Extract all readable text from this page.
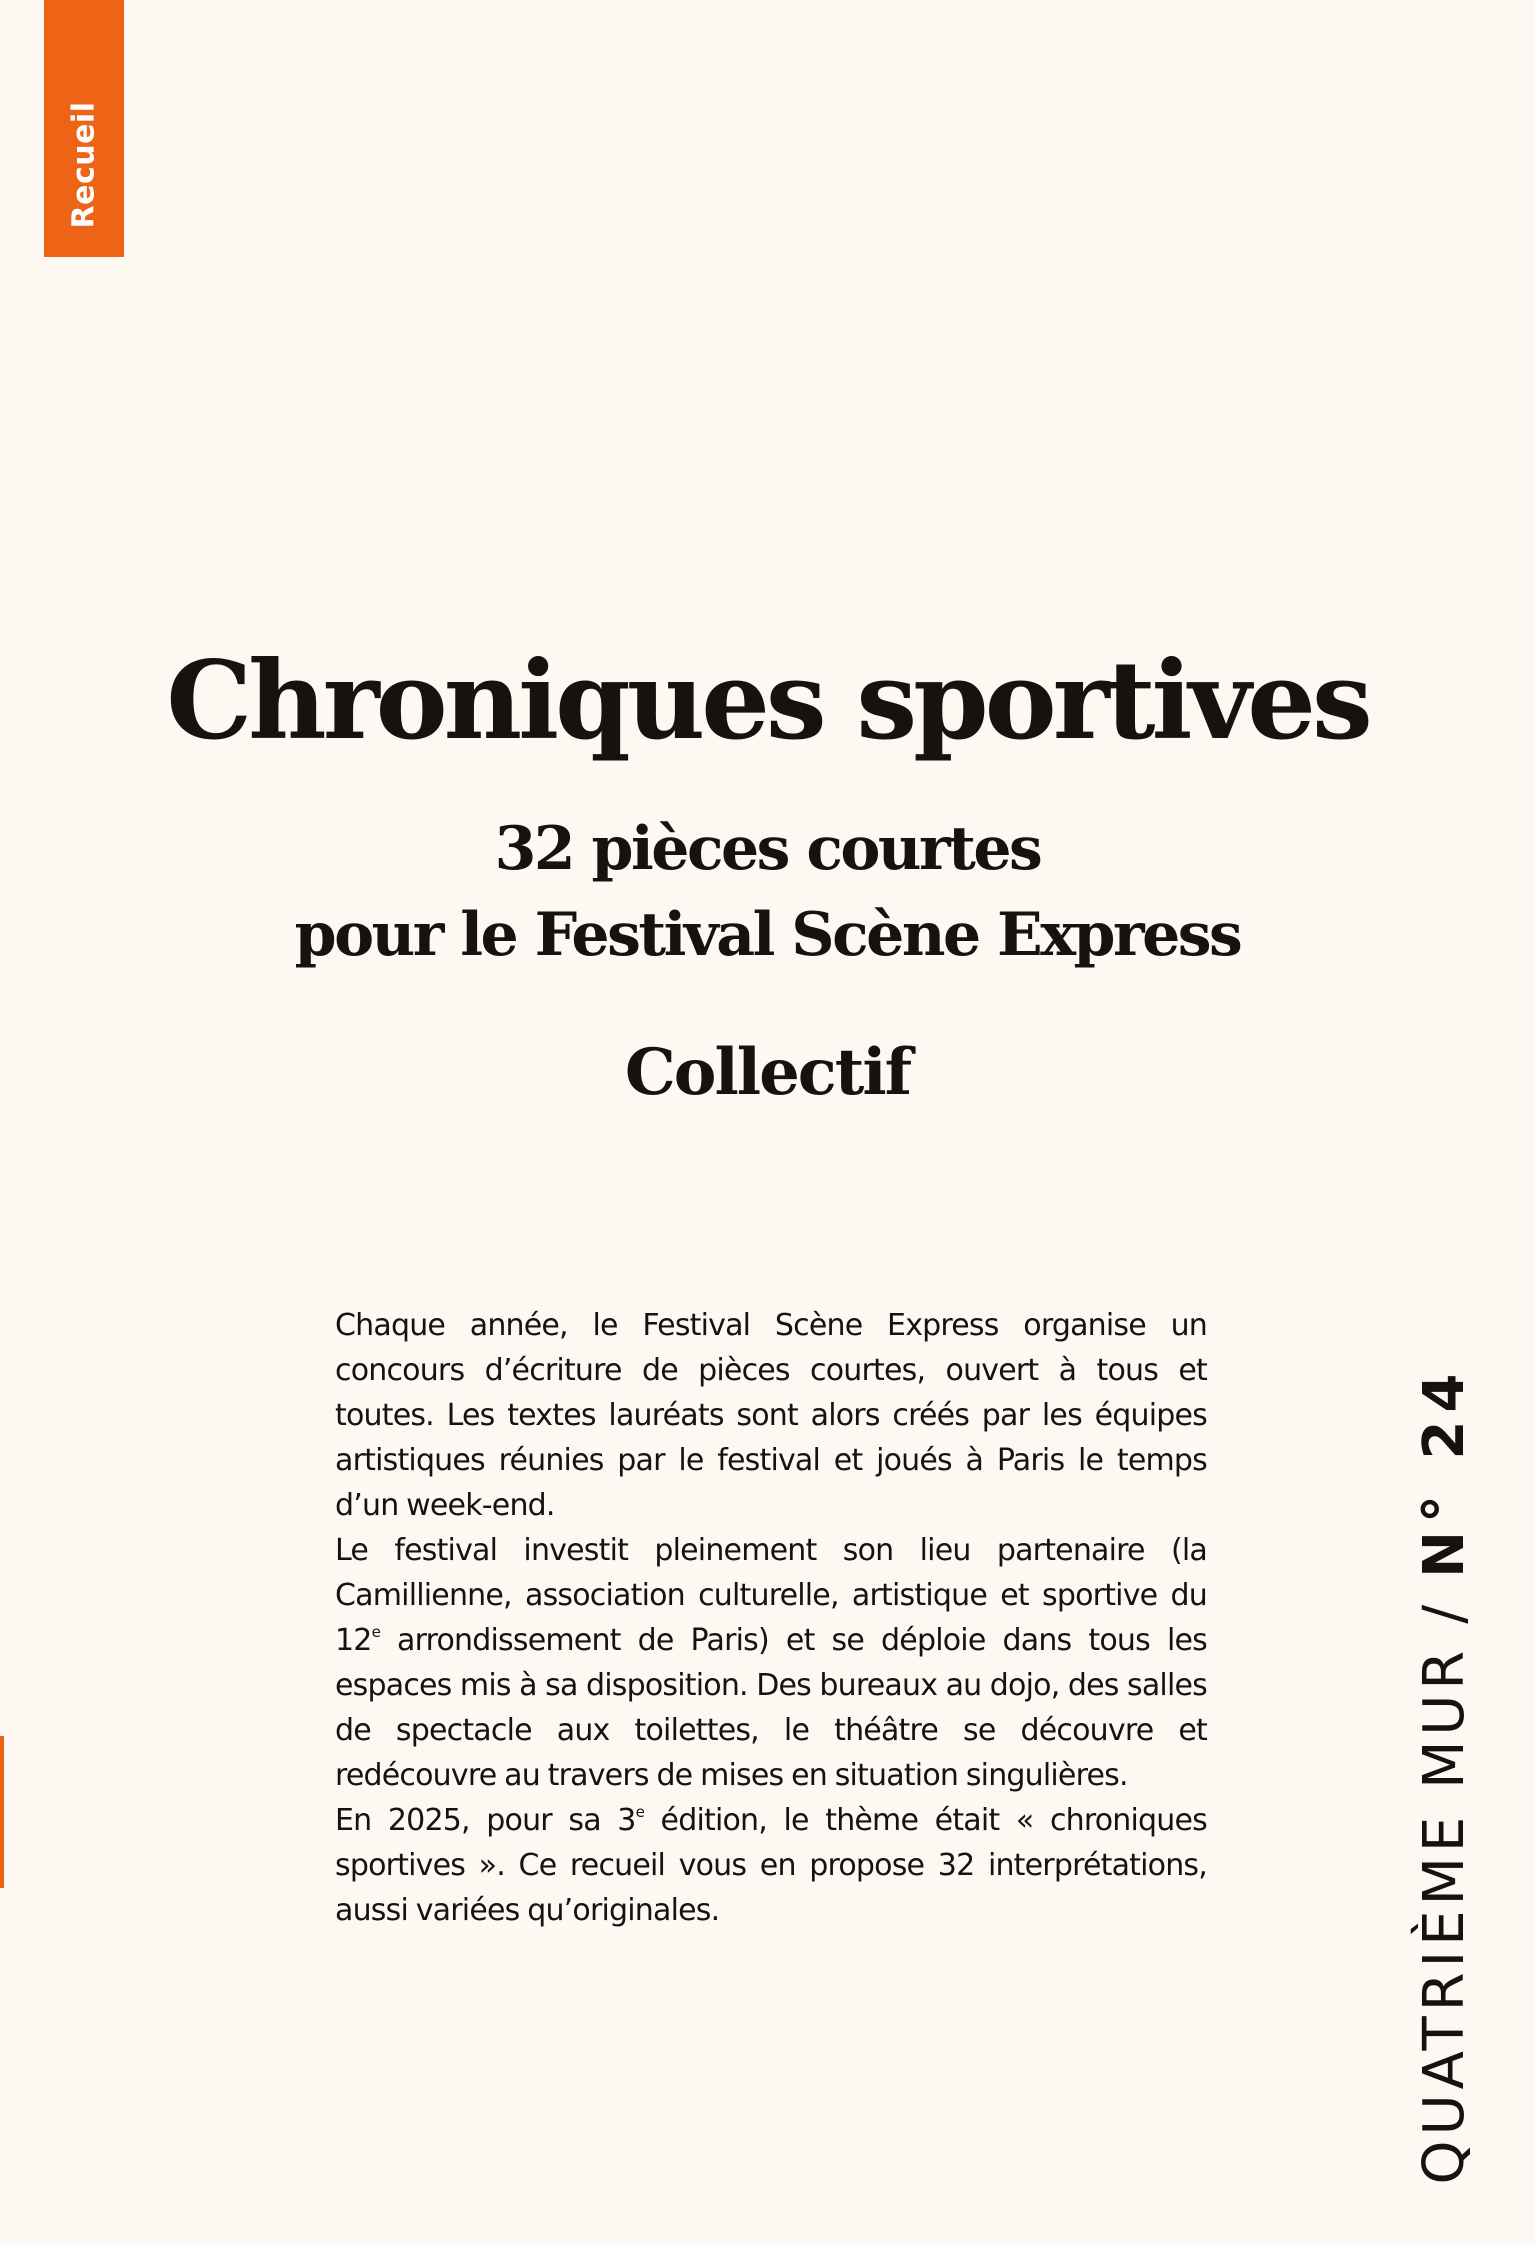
Recueil
Chroniques sportives
32 pièces courtes
pour le Festival Scène Express
Collectif

Chaque année, le Festival Scène Express organise un concours d’écriture de pièces courtes, ouvert à tous et toutes. Les textes lauréats sont alors créés par les équipes artistiques réunies par le festival et joués à Paris le temps d’un week-end.

Le festival investit pleinement son lieu partenaire (la Camillienne, association culturelle, artistique et sportive du 12e arrondissement de Paris) et se déploie dans tous les espaces mis à sa disposition. Des bureaux au dojo, des salles de spectacle aux toilettes, le théâtre se découvre et redécouvre au travers de mises en situation singulières.

En 2025, pour sa 3e édition, le thème était « chroniques sportives ». Ce recueil vous en propose 32 interprétations, aussi variées qu’originales.	QUATRIÈME MUR/N° 24
